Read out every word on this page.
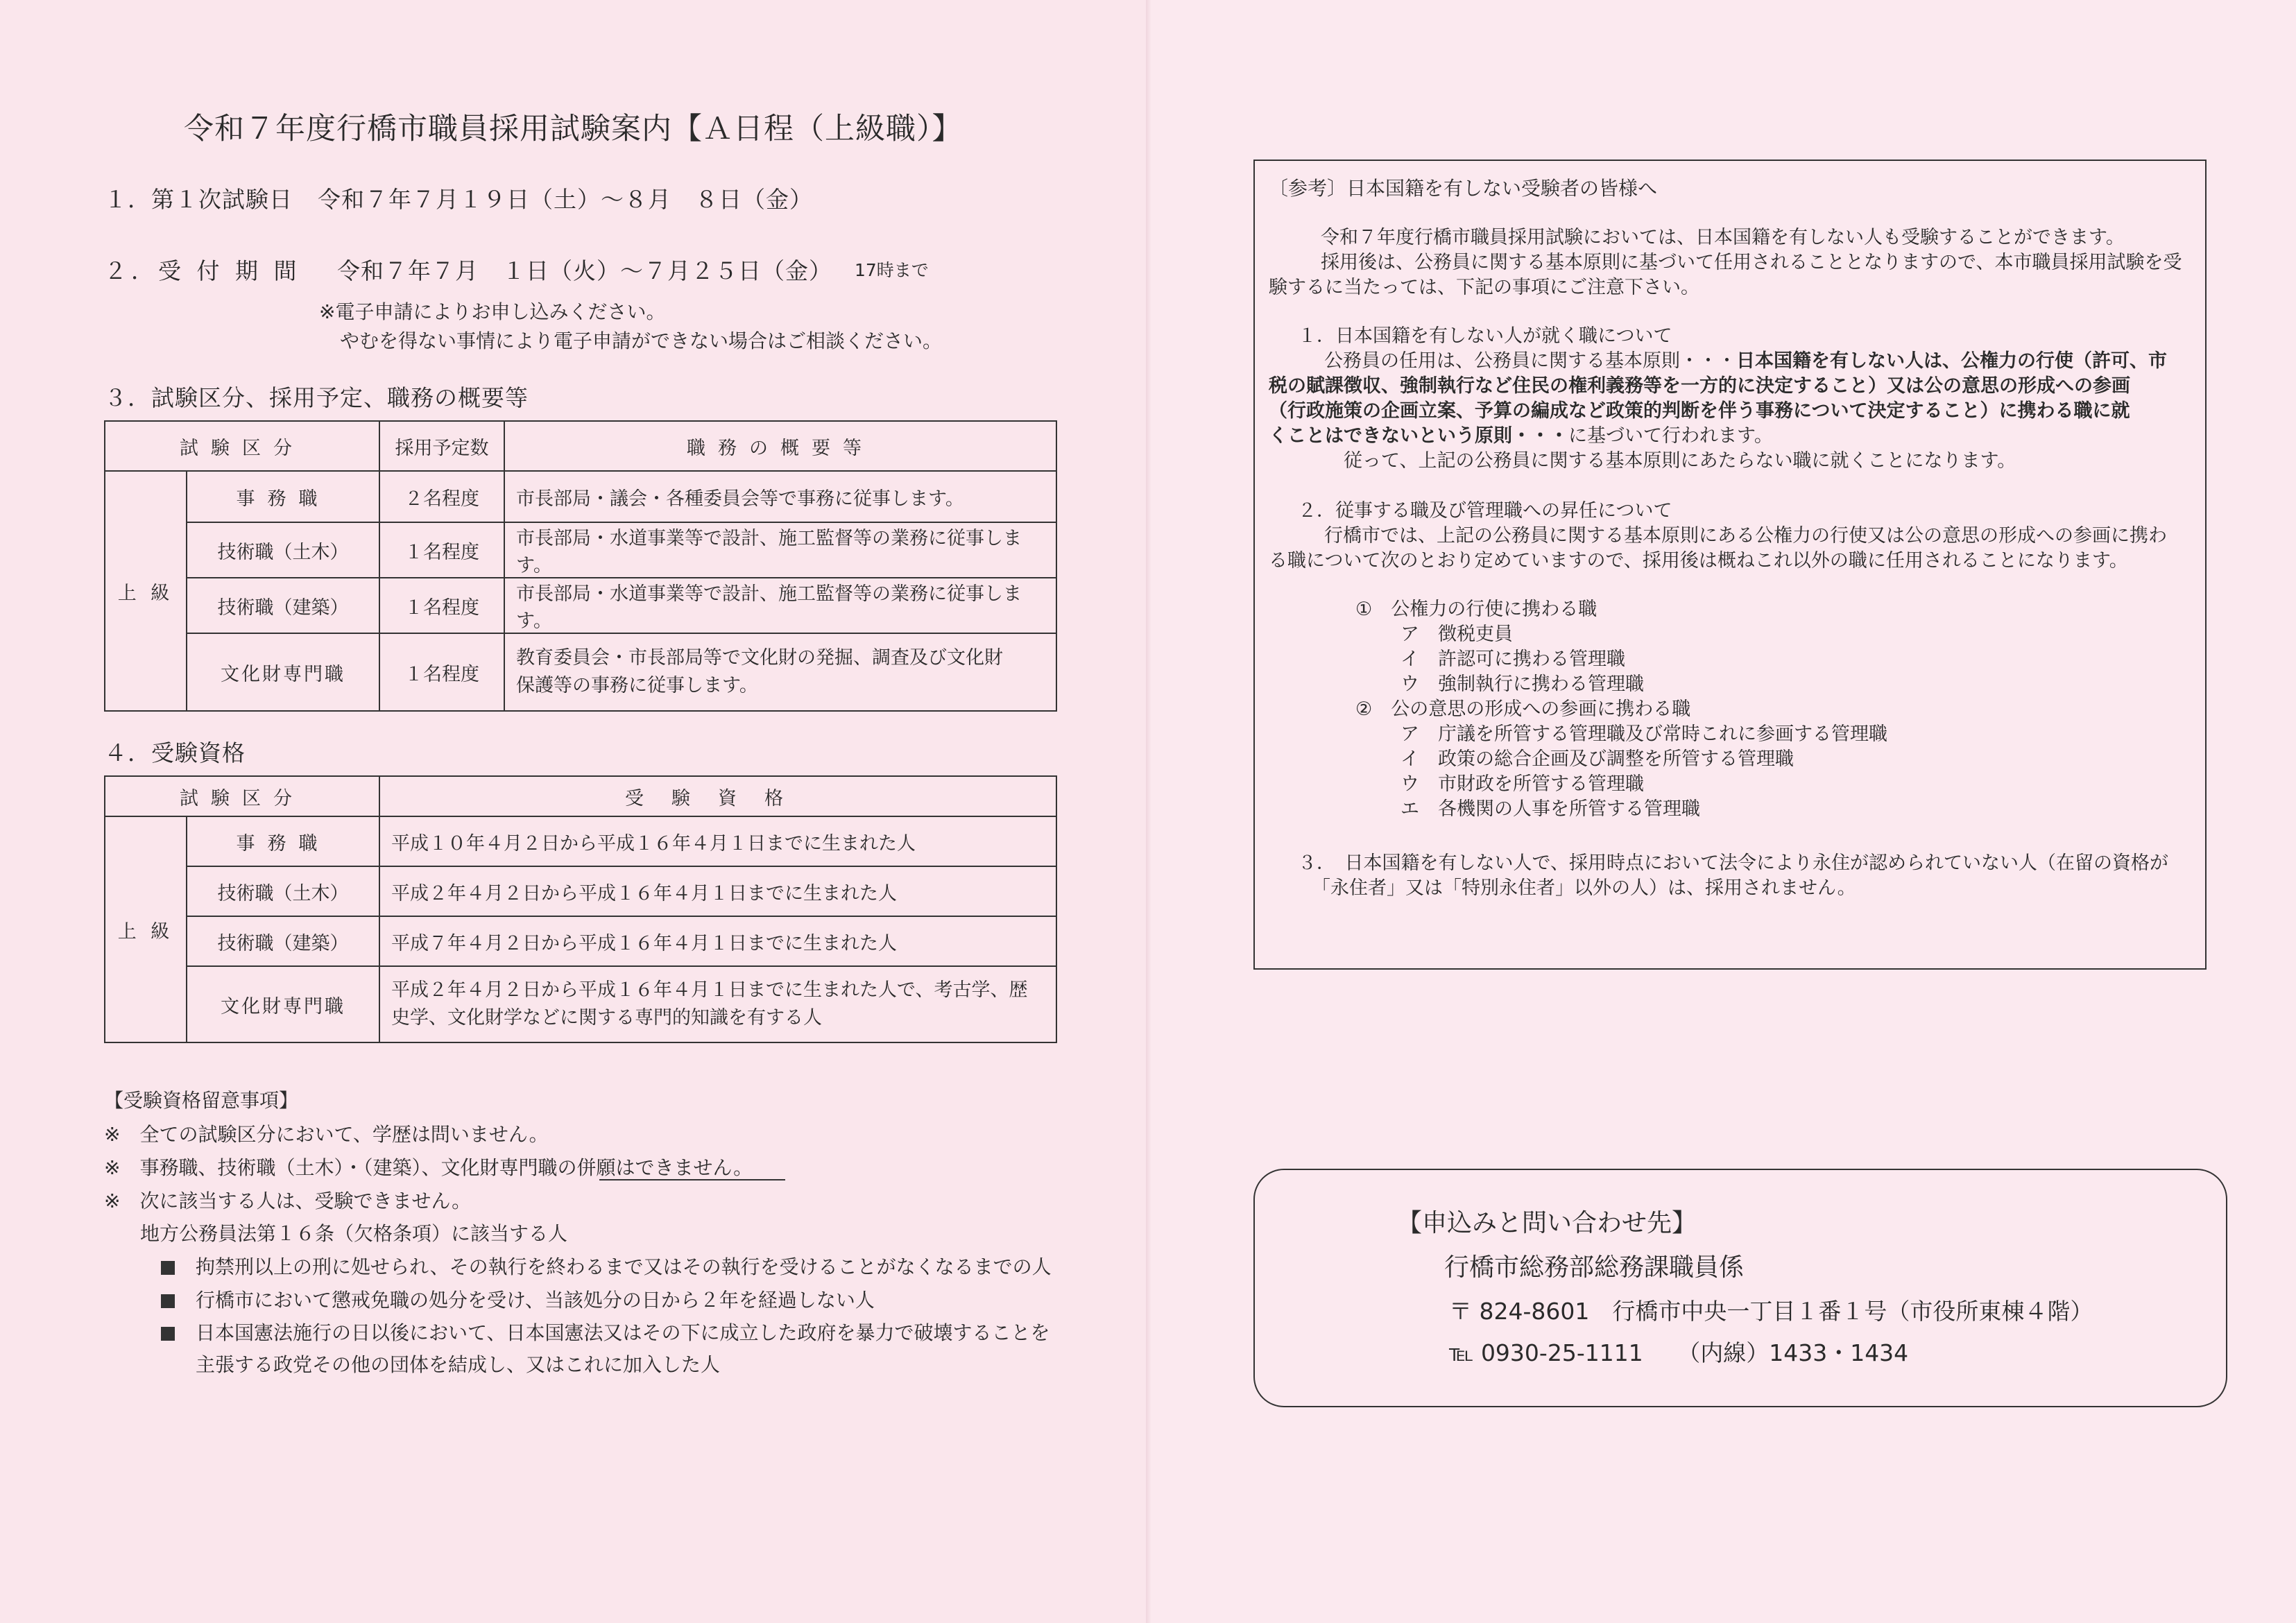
令和７年度行橋市職員採用試験案内【Ａ日程（上級職）】
１．第１次試験日 令和７年７月１９日（土）～８月　８日（金）
２．受 付 期 間 令和７年７月　１日（火）～７月２５日（金） 17時まで
※電子申請によりお申し込みください。
やむを得ない事情により電子申請ができない場合はご相談ください。
３．試験区分、採用予定、職務の概要等
試験区分		採用予定数	職務の概要等
上 級	事務職	２名程度	市長部局・議会・各種委員会等で事務に従事します。
	技術職（土木）	１名程度	市長部局・水道事業等で設計、施工監督等の業務に従事します。
	技術職（建築）	１名程度	市長部局・水道事業等で設計、施工監督等の業務に従事します。
	文化財専門職	１名程度	教育委員会・市長部局等で文化財の発掘、調査及び文化財
保護等の事務に従事します。
４．受験資格
試験区分		受験資格
上 級	事務職	平成１０年４月２日から平成１６年４月１日までに生まれた人
	技術職（土木）	平成２年４月２日から平成１６年４月１日までに生まれた人
	技術職（建築）	平成７年４月２日から平成１６年４月１日までに生まれた人
	文化財専門職	平成２年４月２日から平成１６年４月１日までに生まれた人で、考古学、歴
史学、文化財学などに関する専門的知識を有する人
【受験資格留意事項】
※　全ての試験区分において、学歴は問いません。
※　事務職、技術職（土木）・（建築）、文化財専門職の併願はできません。
※　次に該当する人は、受験できません。
地方公務員法第１６条（欠格条項）に該当する人
拘禁刑以上の刑に処せられ、その執行を終わるまで又はその執行を受けることがなくなるまでの人
行橋市において懲戒免職の処分を受け、当該処分の日から２年を経過しない人
日本国憲法施行の日以後において、日本国憲法又はその下に成立した政府を暴力で破壊することを
主張する政党その他の団体を結成し、又はこれに加入した人
〔参考〕日本国籍を有しない受験者の皆様へ
令和７年度行橋市職員採用試験においては、日本国籍を有しない人も受験することができます。
採用後は、公務員に関する基本原則に基づいて任用されることとなりますので、本市職員採用試験を受
験するに当たっては、下記の事項にご注意下さい。
１．日本国籍を有しない人が就く職について
公務員の任用は、公務員に関する基本原則・・・日本国籍を有しない人は、公権力の行使（許可、市
税の賦課徴収、強制執行など住民の権利義務等を一方的に決定すること）又は公の意思の形成への参画
（行政施策の企画立案、予算の編成など政策的判断を伴う事務について決定すること）に携わる職に就
くことはできないという原則・・・に基づいて行われます。
従って、上記の公務員に関する基本原則にあたらない職に就くことになります。
２．従事する職及び管理職への昇任について
行橋市では、上記の公務員に関する基本原則にある公権力の行使又は公の意思の形成への参画に携わ
る職について次のとおり定めていますので、採用後は概ねこれ以外の職に任用されることになります。
①　公権力の行使に携わる職
ア　徴税吏員
イ　許認可に携わる管理職
ウ　強制執行に携わる管理職
②　公の意思の形成への参画に携わる職
ア　庁議を所管する管理職及び常時これに参画する管理職
イ　政策の総合企画及び調整を所管する管理職
ウ　市財政を所管する管理職
エ　各機関の人事を所管する管理職
３．　日本国籍を有しない人で、採用時点において法令により永住が認められていない人（在留の資格が
「永住者」又は「特別永住者」以外の人）は、採用されません。
【申込みと問い合わせ先】
行橋市総務部総務課職員係
〒 824-8601　行橋市中央一丁目１番１号（市役所東棟４階）
℡ 0930-25-1111　　（内線）1433・1434
